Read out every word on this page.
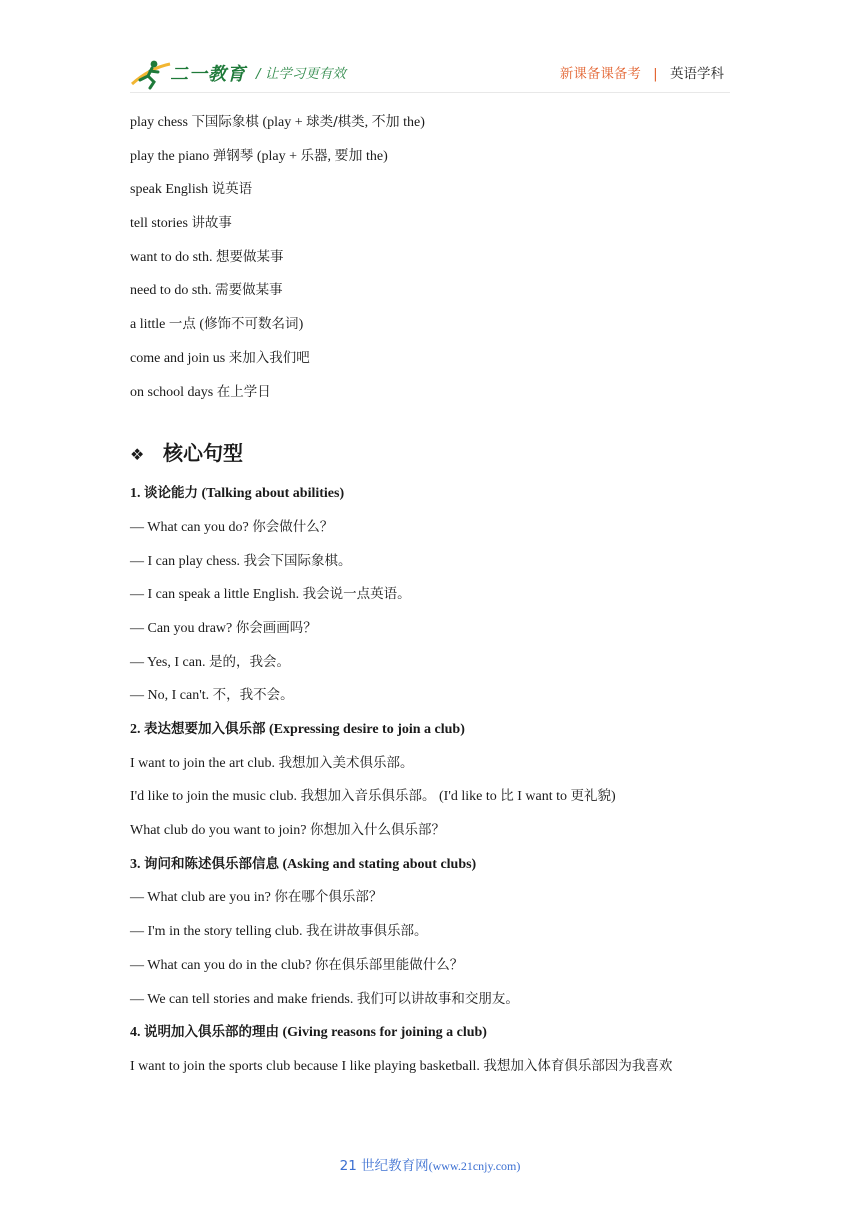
二一教育 / 让学习更有效	新课备课备考 | 英语学科
play chess 下国际象棋 (play + 球类/棋类, 不加 the)
play the piano 弹钢琴 (play + 乐器, 要加 the)
speak English 说英语
tell stories 讲故事
want to do sth. 想要做某事
need to do sth. 需要做某事
a little 一点 (修饰不可数名词)
come and join us 来加入我们吧
on school days 在上学日
❖ 核心句型
1. 谈论能力 (Talking about abilities)
— What can you do? 你会做什么？
— I can play chess. 我会下国际象棋。
— I can speak a little English. 我会说一点英语。
— Can you draw? 你会画画吗？
— Yes, I can. 是的，我会。
— No, I can't. 不，我不会。
2. 表达想要加入俱乐部 (Expressing desire to join a club)
I want to join the art club. 我想加入美术俱乐部。
I'd like to join the music club. 我想加入音乐俱乐部。 (I'd like to 比 I want to 更礼貌)
What club do you want to join? 你想加入什么俱乐部？
3. 询问和陈述俱乐部信息 (Asking and stating about clubs)
— What club are you in? 你在哪个俱乐部？
— I'm in the story telling club. 我在讲故事俱乐部。
— What can you do in the club? 你在俱乐部里能做什么？
— We can tell stories and make friends. 我们可以讲故事和交朋友。
4. 说明加入俱乐部的理由 (Giving reasons for joining a club)
I want to join the sports club because I like playing basketball. 我想加入体育俱乐部因为我喜欢
21 世纪教育网(www.21cnjy.com)
